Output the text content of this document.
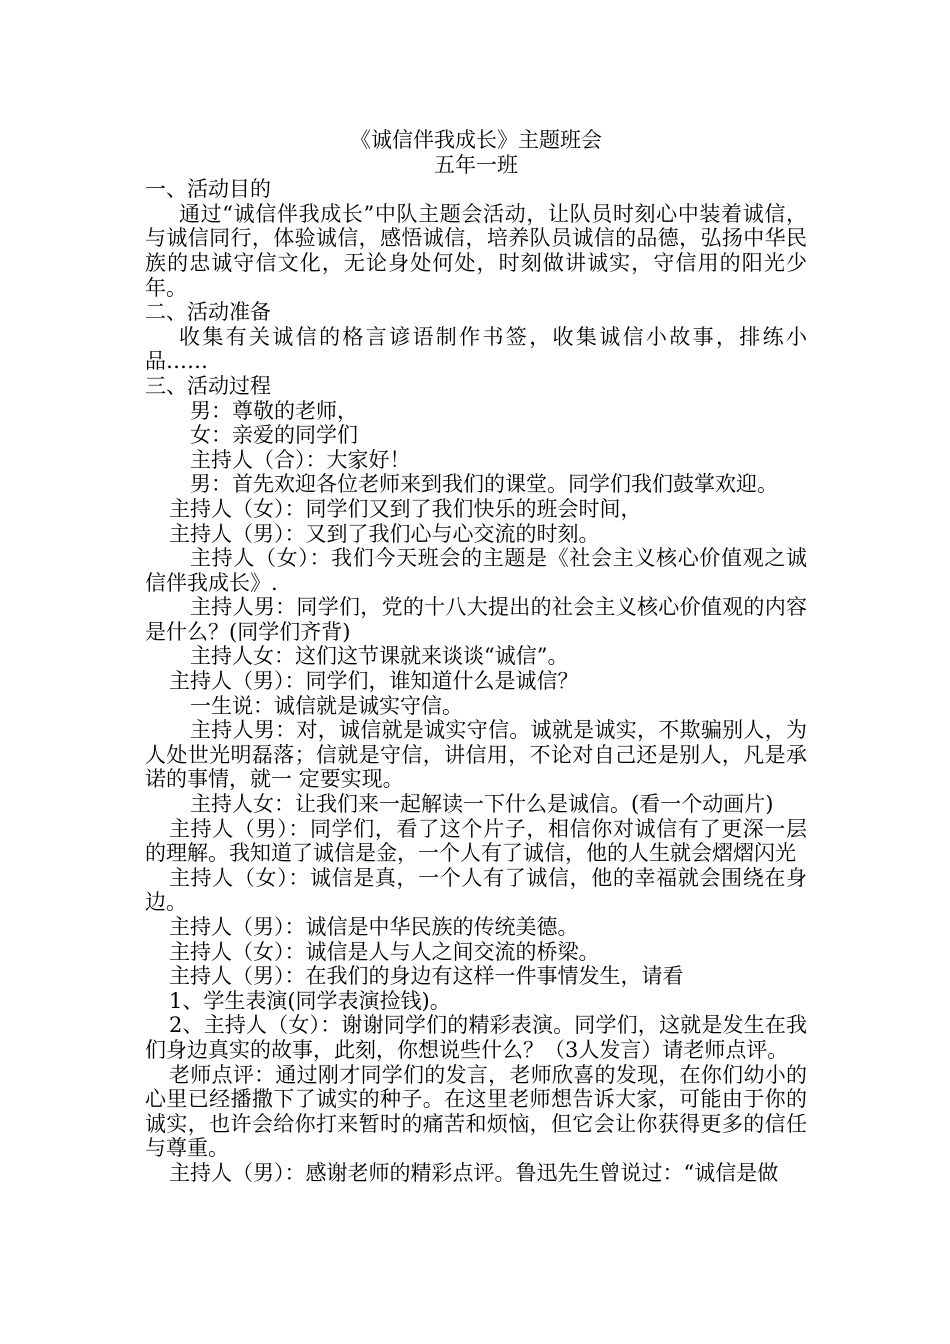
《诚信伴我成长》主题班会

五年一班

一、活动目的

通过“诚信伴我成长”中队主题会活动，让队员时刻心中装着诚信，与诚信同行，体验诚信，感悟诚信，培养队员诚信的品德，弘扬中华民族的忠诚守信文化，无论身处何处，时刻做讲诚实，守信用的阳光少年。

二、活动准备

收集有关诚信的格言谚语制作书签，收集诚信小故事，排练小品……

三、活动过程

男：尊敬的老师，

女：亲爱的同学们

主持人（合）：大家好！

男：首先欢迎各位老师来到我们的课堂。同学们我们鼓掌欢迎。

主持人（女）：同学们又到了我们快乐的班会时间，

主持人（男）：又到了我们心与心交流的时刻。

主持人（女）：我们今天班会的主题是《社会主义核心价值观之诚信伴我成长》.

主持人男：同学们，党的十八大提出的社会主义核心价值观的内容是什么？(同学们齐背)

主持人女：这们这节课就来谈谈“诚信”。

主持人（男）：同学们，谁知道什么是诚信？

一生说：诚信就是诚实守信。

主持人男：对，诚信就是诚实守信。诚就是诚实，不欺骗别人，为人处世光明磊落；信就是守信，讲信用，不论对自己还是别人，凡是承诺的事情，就一 定要实现。

主持人女：让我们来一起解读一下什么是诚信。(看一个动画片)

主持人（男）：同学们，看了这个片子，相信你对诚信有了更深一层的理解。我知道了诚信是金，一个人有了诚信，他的人生就会熠熠闪光

主持人（女）：诚信是真，一个人有了诚信，他的幸福就会围绕在身边。

主持人（男）：诚信是中华民族的传统美德。

主持人（女）：诚信是人与人之间交流的桥梁。

主持人（男）：在我们的身边有这样一件事情发生，请看

1、学生表演(同学表演捡钱)。

2、主持人（女）：谢谢同学们的精彩表演。同学们，这就是发生在我们身边真实的故事，此刻，你想说些什么？（3人发言）请老师点评。

老师点评：通过刚才同学们的发言，老师欣喜的发现，在你们幼小的心里已经播撒下了诚实的种子。在这里老师想告诉大家，可能由于你的诚实，也许会给你打来暂时的痛苦和烦恼，但它会让你获得更多的信任与尊重。

主持人（男）：感谢老师的精彩点评。鲁迅先生曾说过：“诚信是做
